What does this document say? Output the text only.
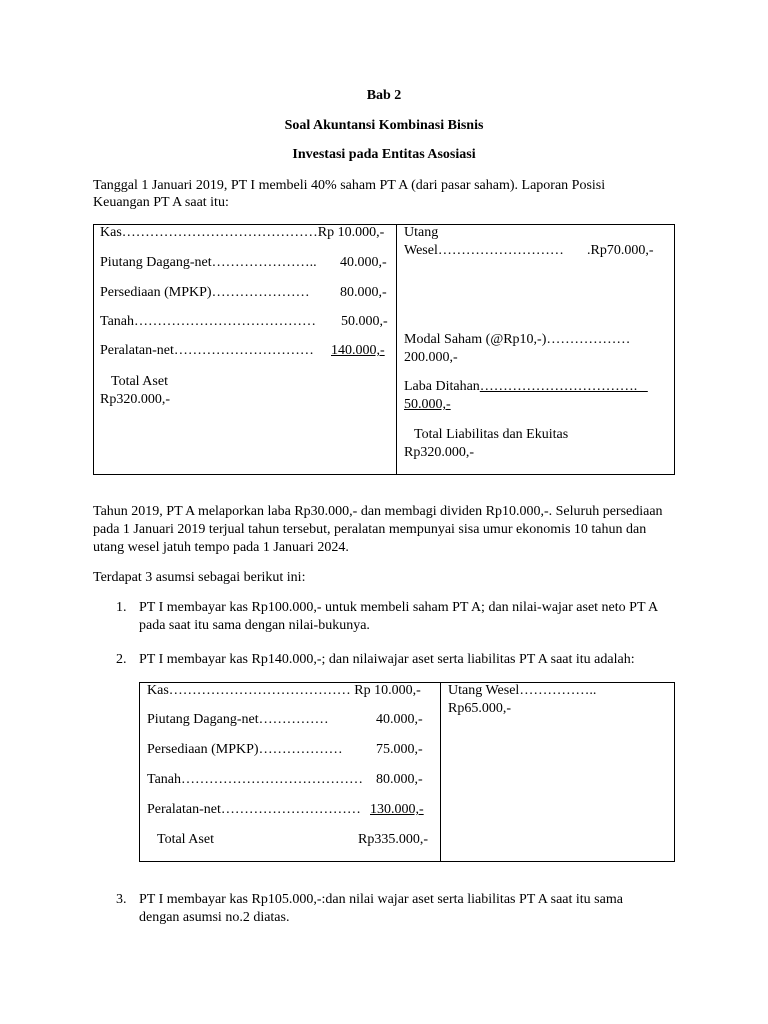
Bab 2
Soal Akuntansi Kombinasi Bisnis
Investasi pada Entitas Asosiasi
Tanggal 1 Januari 2019, PT I membeli 40% saham PT A (dari pasar saham). Laporan Posisi
Keuangan PT A saat itu:
Kas……………………………………Rp 10.000,-
Piutang Dagang-net………………….. 40.000,-
Persediaan (MPKP)………………… 80.000,-
Tanah………………………………… 50.000,-
Peralatan-net………………………… 140.000,-
Total Aset
Rp320.000,-
Utang
Wesel……………………… .Rp70.000,-
Modal Saham (@Rp10,-)………………
200.000,-
Laba Ditahan…………………………….
50.000,-
Total Liabilitas dan Ekuitas
Rp320.000,-
Tahun 2019, PT A melaporkan laba Rp30.000,- dan membagi dividen Rp10.000,-. Seluruh persediaan
pada 1 Januari 2019 terjual tahun tersebut, peralatan mempunyai sisa umur ekonomis 10 tahun dan
utang wesel jatuh tempo pada 1 Januari 2024.
Terdapat 3 asumsi sebagai berikut ini:
1. PT I membayar kas Rp100.000,- untuk membeli saham PT A; dan nilai-wajar aset neto PT A
pada saat itu sama dengan nilai-bukunya.
2. PT I membayar kas Rp140.000,-; dan nilaiwajar aset serta liabilitas PT A saat itu adalah:
Kas………………………………… Rp 10.000,-
Piutang Dagang-net……………	40.000,-
Persediaan (MPKP)……………… 75.000,-
Tanah………………………………… 80.000,-
Peralatan-net………………………… 130.000,-
Total Aset	Rp335.000,-
Utang Wesel……………..
Rp65.000,-
3. PT I membayar kas Rp105.000,-:dan nilai wajar aset serta liabilitas PT A saat itu sama
dengan asumsi no.2 diatas.
